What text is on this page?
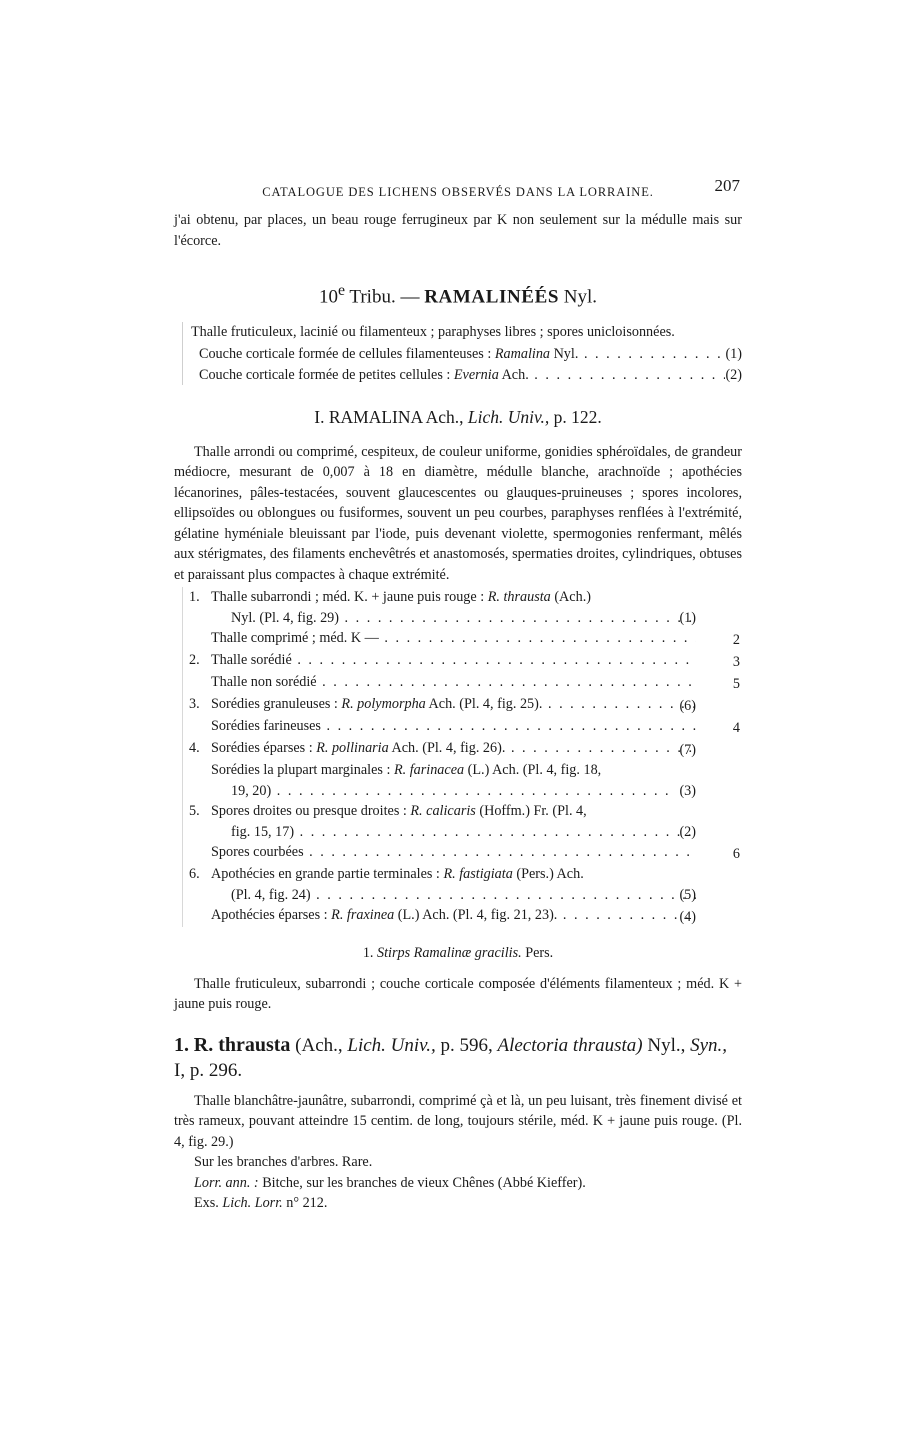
CATALOGUE DES LICHENS OBSERVÉS DANS LA LORRAINE.	207

j'ai obtenu, par places, un beau rouge ferrugineux par K non seulement sur la médulle mais sur l'écorce.

10e Tribu. — RAMALINÉÉS Nyl.

Thalle fruticuleux, lacinié ou filamenteux ; paraphyses libres ; spores unicloisonnées.

Couche corticale formée de cellules filamenteuses : Ramalina Nyl. . . .	(1)
Couche corticale formée de petites cellules : Evernia Ach. . . .	(2)
I. RAMALINA Ach., Lich. Univ., p. 122.

Thalle arrondi ou comprimé, cespiteux, de couleur uniforme, gonidies sphéroïdales, de grandeur médiocre, mesurant de 0,007 à 18 en diamètre, médulle blanche, arachnoïde ; apothécies lécanorines, pâles-testacées, souvent glaucescentes ou glauques-pruineuses ; spores incolores, ellipsoïdes ou oblongues ou fusiformes, souvent un peu courbes, paraphyses renflées à l'extrémité, gélatine hyméniale bleuissant par l'iode, puis devenant violette, spermogonies renfermant, mêlés aux stérigmates, des filaments enchevêtrés et anastomosés, spermaties droites, cylindriques, obtuses et paraissant plus compactes à chaque extrémité.

1. Thalle subarrondi ; méd. K. + jaune puis rouge : R. thrausta (Ach.)
Nyl. (Pl. 4, fig. 29) . . .	(1)
Thalle comprimé ; méd. K — . . .	2
2. Thalle sorédié . . .	3
Thalle non sorédié . . .	5
3. Sorédies granuleuses : R. polymorpha Ach. (Pl. 4, fig. 25). . . .	(6)
Sorédies farineuses . . .	4
4. Sorédies éparses : R. pollinaria Ach. (Pl. 4, fig. 26). . . .	(7)
Sorédies la plupart marginales : R. farinacea (L.) Ach. (Pl. 4, fig. 18,
19, 20) . . .	(3)
5. Spores droites ou presque droites : R. calicaris (Hoffm.) Fr. (Pl. 4,
fig. 15, 17) . . .	(2)
Spores courbées . . .	6
6. Apothécies en grande partie terminales : R. fastigiata (Pers.) Ach.
(Pl. 4, fig. 24) . . .	(5)
Apothécies éparses : R. fraxinea (L.) Ach. (Pl. 4, fig. 21, 23). . . .	(4)
1. Stirps Ramalinæ gracilis. Pers.

Thalle fruticuleux, subarrondi ; couche corticale composée d'éléments filamenteux ; méd. K + jaune puis rouge.

1. R. thrausta (Ach., Lich. Univ., p. 596, Alectoria thrausta) Nyl., Syn., I, p. 296.

Thalle blanchâtre-jaunâtre, subarrondi, comprimé çà et là, un peu luisant, très finement divisé et très rameux, pouvant atteindre 15 centim. de long, toujours stérile, méd. K + jaune puis rouge. (Pl. 4, fig. 29.)

Sur les branches d'arbres. Rare.

Lorr. ann. : Bitche, sur les branches de vieux Chênes (Abbé Kieffer).

Exs. Lich. Lorr. n° 212.
